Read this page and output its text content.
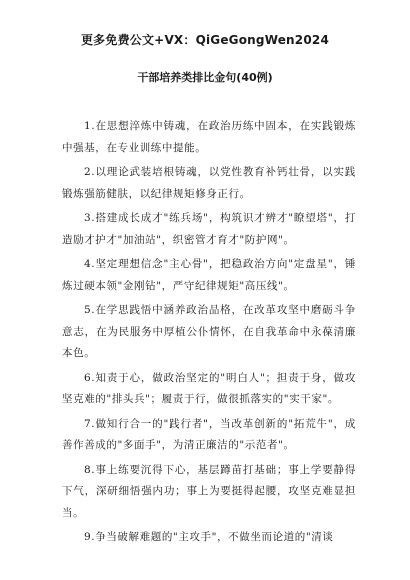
更多免费公文+VX：QiGeGongWen2024
干部培养类排比金句(40例)

1.在思想淬炼中铸魂，在政治历练中固本，在实践锻炼中强基，在专业训练中提能。

2.以理论武装培根铸魂，以党性教育补钙壮骨，以实践锻炼强筋健肤，以纪律规矩修身正行。

3.搭建成长成才"练兵场"，构筑识才辨才"瞭望塔"，打造励才护才"加油站"，织密管才育才"防护网"。

4.坚定理想信念"主心骨"，把稳政治方向"定盘星"，锤炼过硬本领"金刚钻"，严守纪律规矩"高压线"。

5.在学思践悟中涵养政治品格，在改革攻坚中磨砺斗争意志，在为民服务中厚植公仆情怀，在自我革命中永葆清廉本色。

6.知责于心，做政治坚定的"明白人"；担责于身，做攻坚克难的"排头兵"；履责于行，做很抓落实的"实干家"。

7.做知行合一的"践行者"，当改革创新的"拓荒牛"，成善作善成的"多面手"，为清正廉洁的"示范者"。

8.事上练要沉得下心，基层蹲苗打基础；事上学要静得下气，深研细悟强内功；事上为要挺得起腰，攻坚克难显担当。

9.争当破解难题的"主攻手"，不做坐而论道的"清谈
